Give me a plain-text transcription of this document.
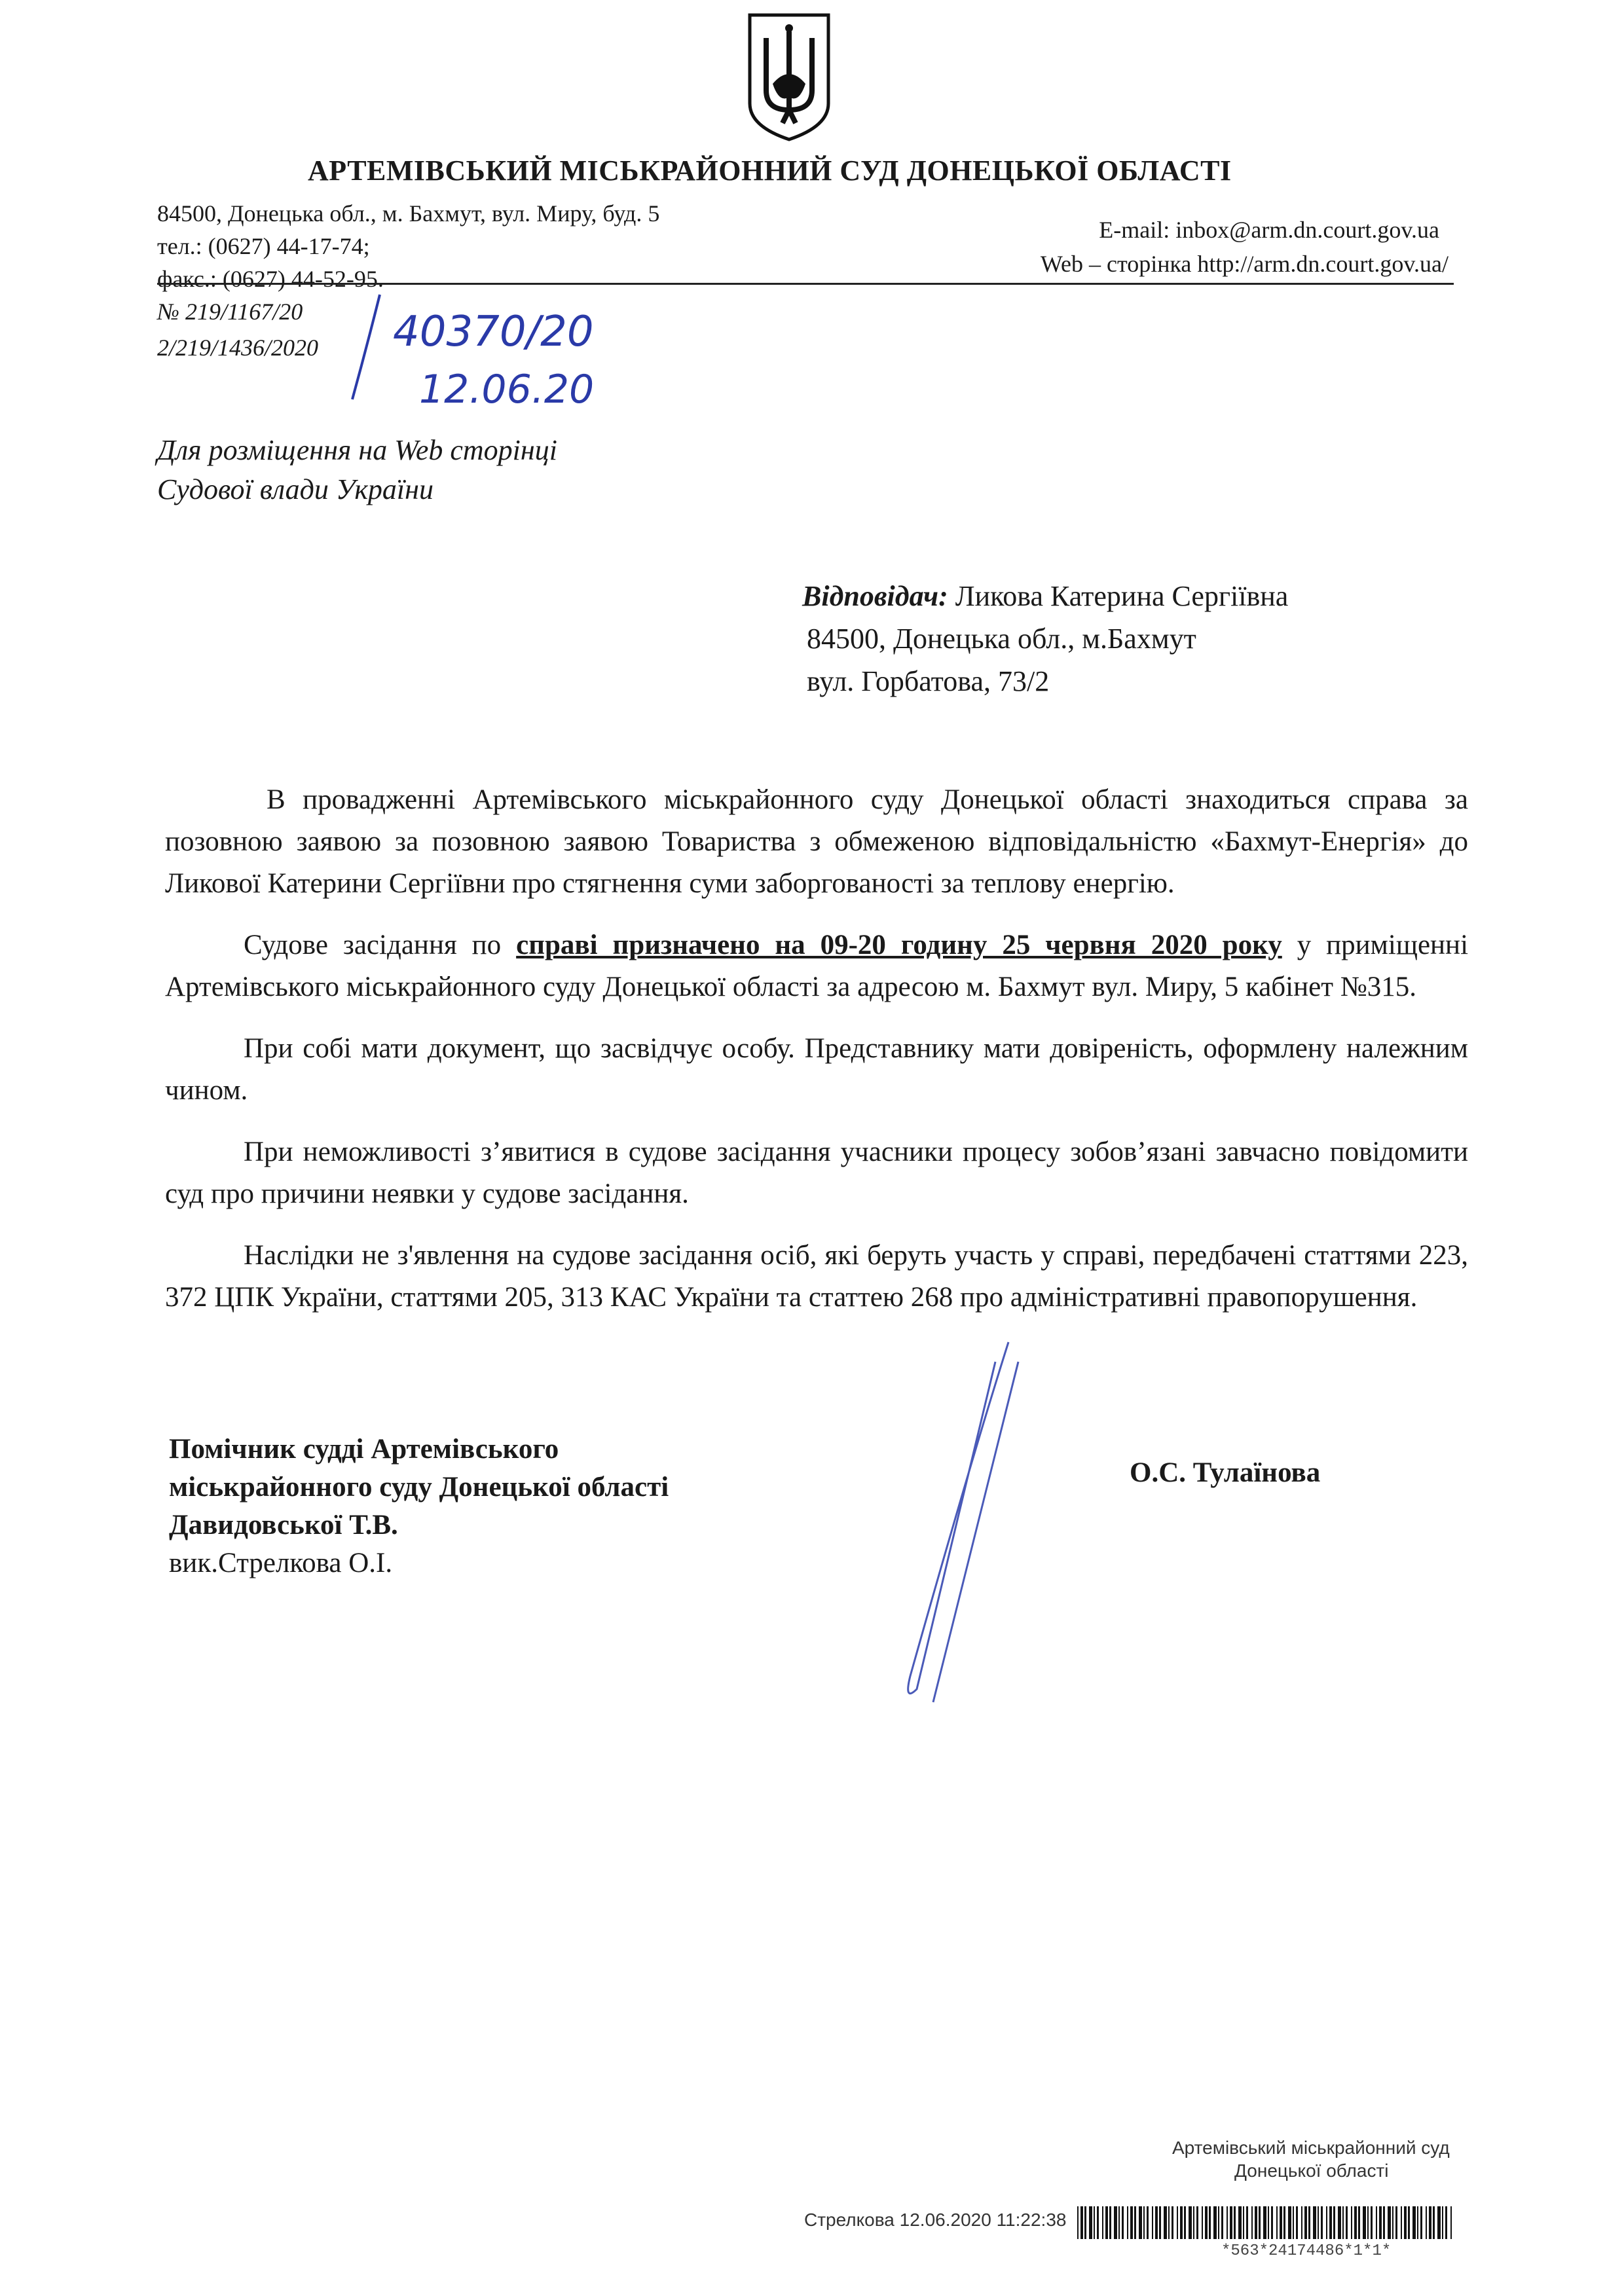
АРТЕМІВСЬКИЙ МІСЬКРАЙОННИЙ СУД ДОНЕЦЬКОЇ ОБЛАСТІ
84500, Донецька обл., м. Бахмут, вул. Миру, буд. 5
тел.: (0627) 44-17-74;
факс.: (0627) 44-52-95.
E-mail: inbox@arm.dn.court.gov.ua
Web – сторінка http://arm.dn.court.gov.ua/
№ 219/1167/20
2/219/1436/2020 40370/20
12.06.20
Для розміщення на Web сторінці
Судової влади України
Відповідач: Ликова Катерина Сергіївна
84500, Донецька обл., м.Бахмут
вул. Горбатова, 73/2

В провадженні Артемівського міськрайонного суду Донецької області знаходиться справа за позовною заявою за позовною заявою Товариства з обмеженою відповідальністю «Бахмут-Енергія» до Ликової Катерини Сергіївни про стягнення суми заборгованості за теплову енергію.

Судове засідання по справі призначено на 09-20 годину 25 червня 2020 року у приміщенні Артемівського міськрайонного суду Донецької області за адресою м. Бахмут вул. Миру, 5 кабінет №315.

При собі мати документ, що засвідчує особу. Представнику мати довіреність, оформлену належним чином.

При неможливості з’явитися в судове засідання учасники процесу зобов’язані завчасно повідомити суд про причини неявки у судове засідання.

Наслідки не з'явлення на судове засідання осіб, які беруть участь у справі, передбачені статтями 223, 372 ЦПК України, статтями 205, 313 КАС України та статтею 268 про адміністративні правопорушення.

Помічник судді Артемівського
міськрайонного суду Донецької області
Давидовської Т.В.
вик.Стрелкова О.І.
О.С. Тулаїнова
Артемівський міськрайонний суд
Донецької області
Стрелкова 12.06.2020 11:22:38
*563*24174486*1*1*
